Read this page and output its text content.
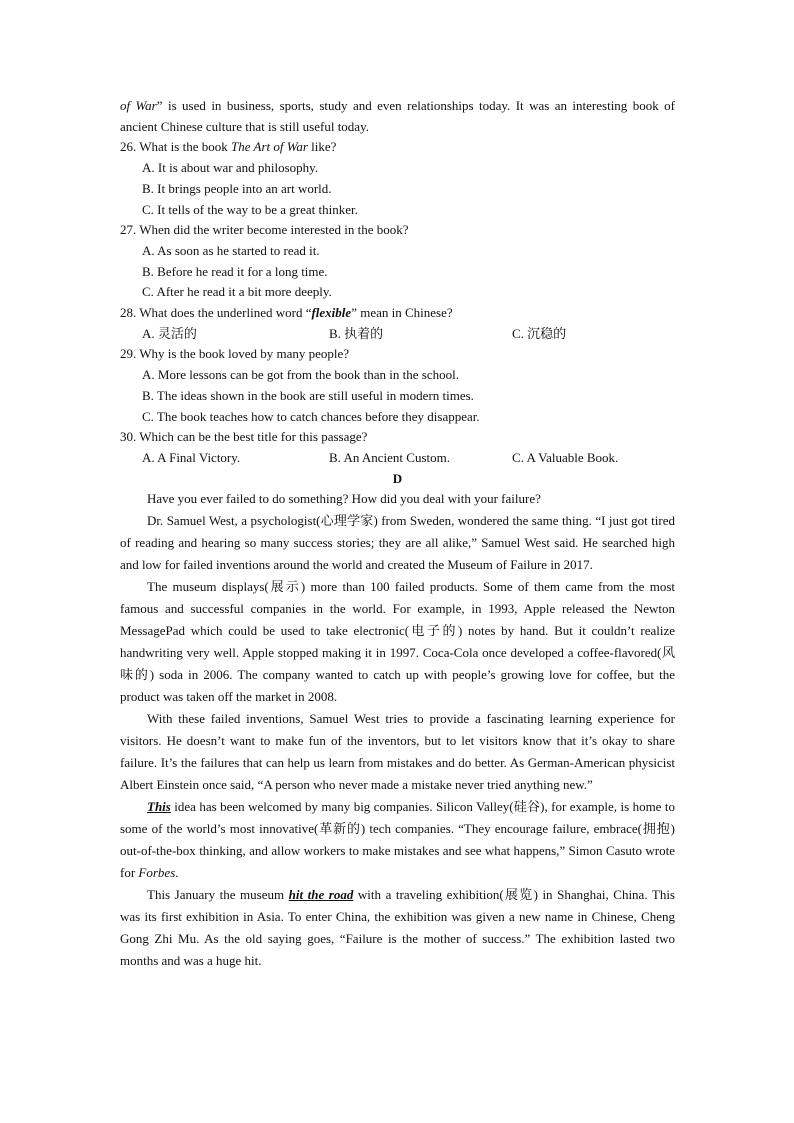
of War” is used in business, sports, study and even relationships today. It was an interesting book of ancient Chinese culture that is still useful today.

26. What is the book The Art of War like?

A. It is about war and philosophy.

B. It brings people into an art world.

C. It tells of the way to be a great thinker.

27. When did the writer become interested in the book?

A. As soon as he started to read it.

B. Before he read it for a long time.

C. After he read it a bit more deeply.

28. What does the underlined word “flexible” mean in Chinese?

A. 灵活的	B. 执着的	C. 沉稳的

29. Why is the book loved by many people?

A. More lessons can be got from the book than in the school.

B. The ideas shown in the book are still useful in modern times.

C. The book teaches how to catch chances before they disappear.

30. Which can be the best title for this passage?

A. A Final Victory.	B. An Ancient Custom.	C. A Valuable Book.

D

Have you ever failed to do something? How did you deal with your failure?

Dr. Samuel West, a psychologist(心理学家) from Sweden, wondered the same thing. “I just got tired of reading and hearing so many success stories; they are all alike,” Samuel West said. He searched high and low for failed inventions around the world and created the Museum of Failure in 2017.

The museum displays(展示) more than 100 failed products. Some of them came from the most famous and successful companies in the world. For example, in 1993, Apple released the Newton MessagePad which could be used to take electronic(电子的) notes by hand. But it couldn’t realize handwriting very well. Apple stopped making it in 1997. Coca-Cola once developed a coffee-flavored(风味的) soda in 2006. The company wanted to catch up with people’s growing love for coffee, but the product was taken off the market in 2008.

With these failed inventions, Samuel West tries to provide a fascinating learning experience for visitors. He doesn’t want to make fun of the inventors, but to let visitors know that it’s okay to share failure. It’s the failures that can help us learn from mistakes and do better. As German-American physicist Albert Einstein once said, “A person who never made a mistake never tried anything new.”

This idea has been welcomed by many big companies. Silicon Valley(硅谷), for example, is home to some of the world’s most innovative(革新的) tech companies. “They encourage failure, embrace(拥抱) out-of-the-box thinking, and allow workers to make mistakes and see what happens,” Simon Casuto wrote for Forbes.

This January the museum hit the road with a traveling exhibition(展览) in Shanghai, China. This was its first exhibition in Asia. To enter China, the exhibition was given a new name in Chinese, Cheng Gong Zhi Mu. As the old saying goes, “Failure is the mother of success.” The exhibition lasted two months and was a huge hit.
